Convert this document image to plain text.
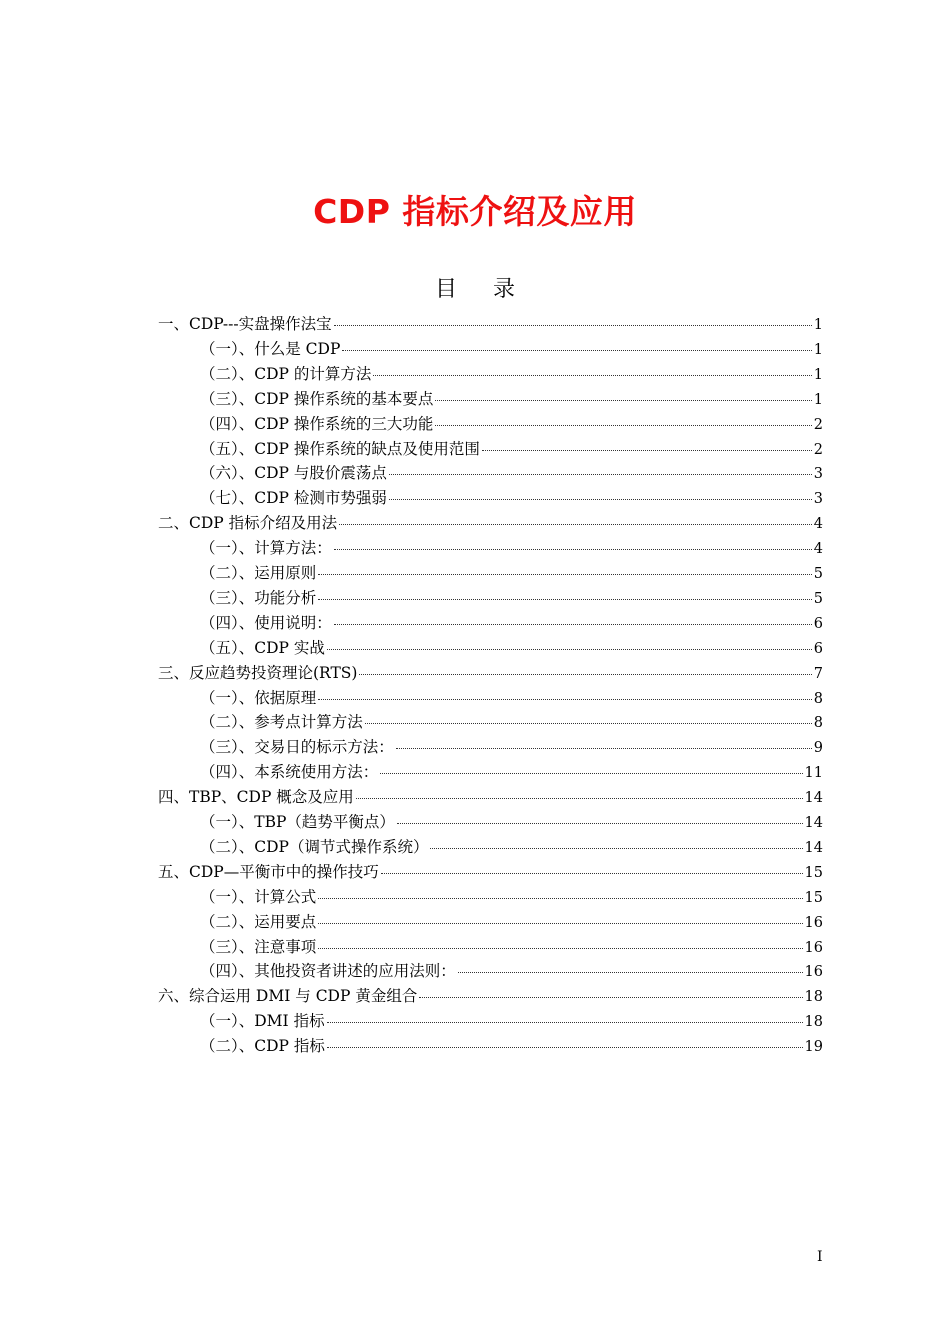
CDP 指标介绍及应用
目录
一、CDP---实盘操作法宝	1
（一）、什么是 CDP	1
（二）、CDP 的计算方法	1
（三）、CDP 操作系统的基本要点	1
（四）、CDP 操作系统的三大功能	2
（五）、CDP 操作系统的缺点及使用范围	2
（六）、CDP 与股价震荡点	3
（七）、CDP 检测市势强弱	3
二、CDP 指标介绍及用法	4
（一）、计算方法：	4
（二）、运用原则	5
（三）、功能分析	5
（四）、使用说明：	6
（五）、CDP 实战	6
三、反应趋势投资理论(RTS)	7
（一）、依据原理	8
（二）、参考点计算方法	8
（三）、交易日的标示方法：	9
（四）、本系统使用方法：	11
四、TBP、CDP 概念及应用	14
（一）、TBP（趋势平衡点）	14
（二）、CDP（调节式操作系统）	14
五、CDP—平衡市中的操作技巧	15
（一）、计算公式	15
（二）、运用要点	16
（三）、注意事项	16
（四）、其他投资者讲述的应用法则：	16
六、综合运用 DMI 与 CDP 黄金组合	18
（一）、DMI 指标	18
（二）、CDP 指标	19
I
